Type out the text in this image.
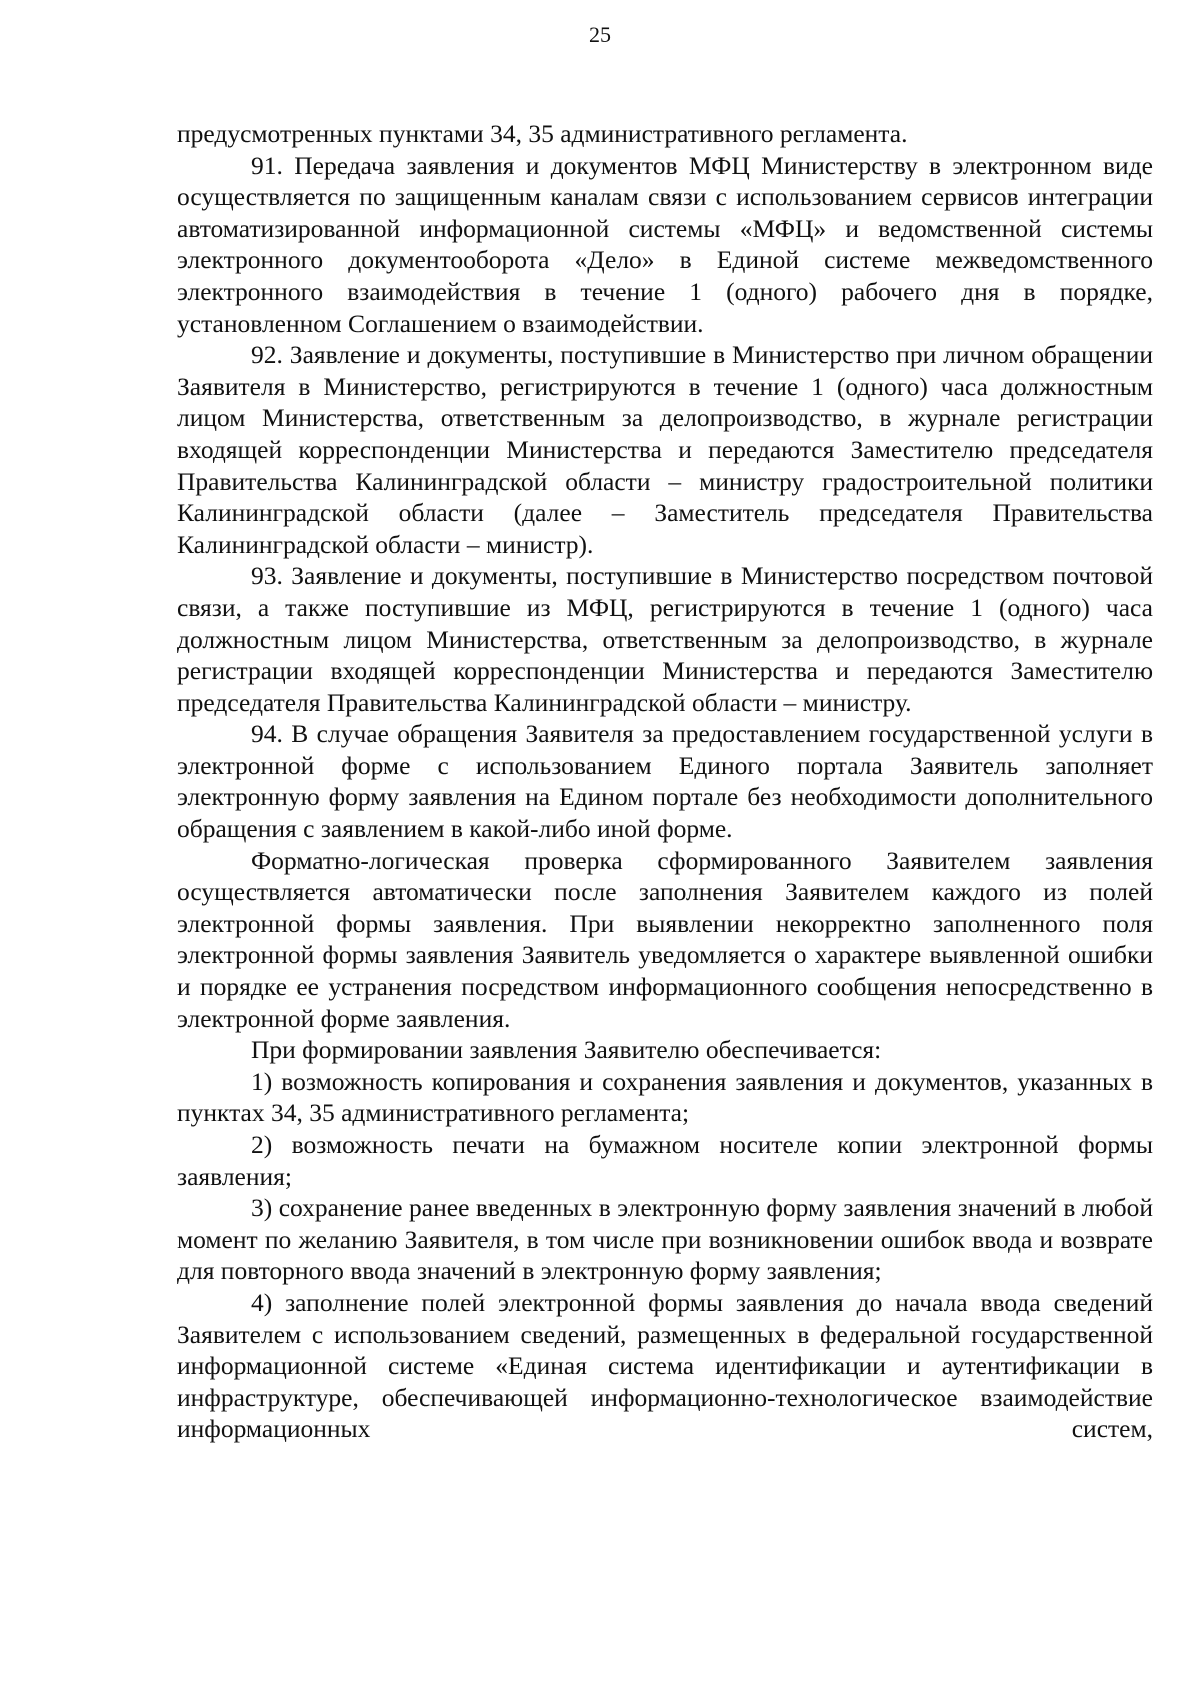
25

предусмотренных пунктами 34, 35 административного регламента.

91. Передача заявления и документов МФЦ Министерству в электронном виде осуществляется по защищенным каналам связи с использованием сервисов интеграции автоматизированной информационной системы «МФЦ» и ведомственной системы электронного документооборота «Дело» в Единой системе межведомственного электронного взаимодействия в течение 1 (одного) рабочего дня в порядке, установленном Соглашением о взаимодействии.

92. Заявление и документы, поступившие в Министерство при личном обращении Заявителя в Министерство, регистрируются в течение 1 (одного) часа должностным лицом Министерства, ответственным за делопроизводство, в журнале регистрации входящей корреспонденции Министерства и передаются Заместителю председателя Правительства Калининградской области – министру градостроительной политики Калининградской области (далее – Заместитель председателя Правительства Калининградской области – министр).

93. Заявление и документы, поступившие в Министерство посредством почтовой связи, а также поступившие из МФЦ, регистрируются в течение 1 (одного) часа должностным лицом Министерства, ответственным за делопроизводство, в журнале регистрации входящей корреспонденции Министерства и передаются Заместителю председателя Правительства Калининградской области – министру.

94. В случае обращения Заявителя за предоставлением государственной услуги в электронной форме с использованием Единого портала Заявитель заполняет электронную форму заявления на Едином портале без необходимости дополнительного обращения с заявлением в какой-либо иной форме.

Форматно-логическая проверка сформированного Заявителем заявления осуществляется автоматически после заполнения Заявителем каждого из полей электронной формы заявления. При выявлении некорректно заполненного поля электронной формы заявления Заявитель уведомляется о характере выявленной ошибки и порядке ее устранения посредством информационного сообщения непосредственно в электронной форме заявления.

При формировании заявления Заявителю обеспечивается:

1) возможность копирования и сохранения заявления и документов, указанных в пунктах 34, 35 административного регламента;

2) возможность печати на бумажном носителе копии электронной формы заявления;

3) сохранение ранее введенных в электронную форму заявления значений в любой момент по желанию Заявителя, в том числе при возникновении ошибок ввода и возврате для повторного ввода значений в электронную форму заявления;

4) заполнение полей электронной формы заявления до начала ввода сведений Заявителем с использованием сведений, размещенных в федеральной государственной информационной системе «Единая система идентификации и аутентификации в инфраструктуре, обеспечивающей информационно-технологическое взаимодействие информационных систем,
